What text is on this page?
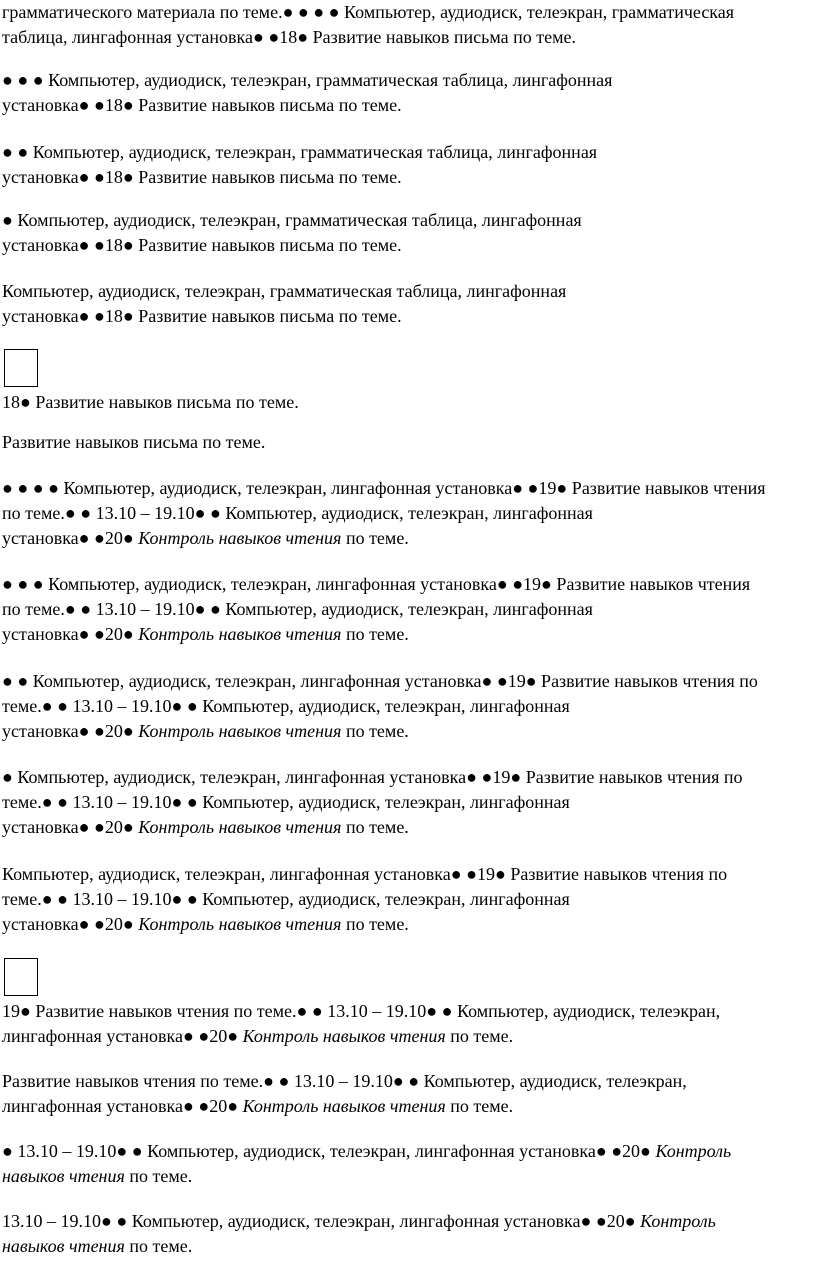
грамматического материала по теме.● ● ● ● Компьютер, аудиодиск, телеэкран, грамматическая
таблица, лингафонная установка● ●18● Развитие навыков письма по теме.
● ● ● Компьютер, аудиодиск, телеэкран, грамматическая таблица, лингафонная
установка● ●18● Развитие навыков письма по теме.
● ● Компьютер, аудиодиск, телеэкран, грамматическая таблица, лингафонная
установка● ●18● Развитие навыков письма по теме.
● Компьютер, аудиодиск, телеэкран, грамматическая таблица, лингафонная
установка● ●18● Развитие навыков письма по теме.
Компьютер, аудиодиск, телеэкран, грамматическая таблица, лингафонная
установка● ●18● Развитие навыков письма по теме.
18● Развитие навыков письма по теме.
Развитие навыков письма по теме.
● ● ● ● Компьютер, аудиодиск, телеэкран, лингафонная установка● ●19● Развитие навыков чтения
по теме.● ● 13.10 – 19.10● ● Компьютер, аудиодиск, телеэкран, лингафонная
установка● ●20● Контроль навыков чтения по теме.
● ● ● Компьютер, аудиодиск, телеэкран, лингафонная установка● ●19● Развитие навыков чтения
по теме.● ● 13.10 – 19.10● ● Компьютер, аудиодиск, телеэкран, лингафонная
установка● ●20● Контроль навыков чтения по теме.
● ● Компьютер, аудиодиск, телеэкран, лингафонная установка● ●19● Развитие навыков чтения по
теме.● ● 13.10 – 19.10● ● Компьютер, аудиодиск, телеэкран, лингафонная
установка● ●20● Контроль навыков чтения по теме.
● Компьютер, аудиодиск, телеэкран, лингафонная установка● ●19● Развитие навыков чтения по
теме.● ● 13.10 – 19.10● ● Компьютер, аудиодиск, телеэкран, лингафонная
установка● ●20● Контроль навыков чтения по теме.
Компьютер, аудиодиск, телеэкран, лингафонная установка● ●19● Развитие навыков чтения по
теме.● ● 13.10 – 19.10● ● Компьютер, аудиодиск, телеэкран, лингафонная
установка● ●20● Контроль навыков чтения по теме.
19● Развитие навыков чтения по теме.● ● 13.10 – 19.10● ● Компьютер, аудиодиск, телеэкран,
лингафонная установка● ●20● Контроль навыков чтения по теме.
Развитие навыков чтения по теме.● ● 13.10 – 19.10● ● Компьютер, аудиодиск, телеэкран,
лингафонная установка● ●20● Контроль навыков чтения по теме.
● 13.10 – 19.10● ● Компьютер, аудиодиск, телеэкран, лингафонная установка● ●20● Контроль
навыков чтения по теме.
13.10 – 19.10● ● Компьютер, аудиодиск, телеэкран, лингафонная установка● ●20● Контроль
навыков чтения по теме.
